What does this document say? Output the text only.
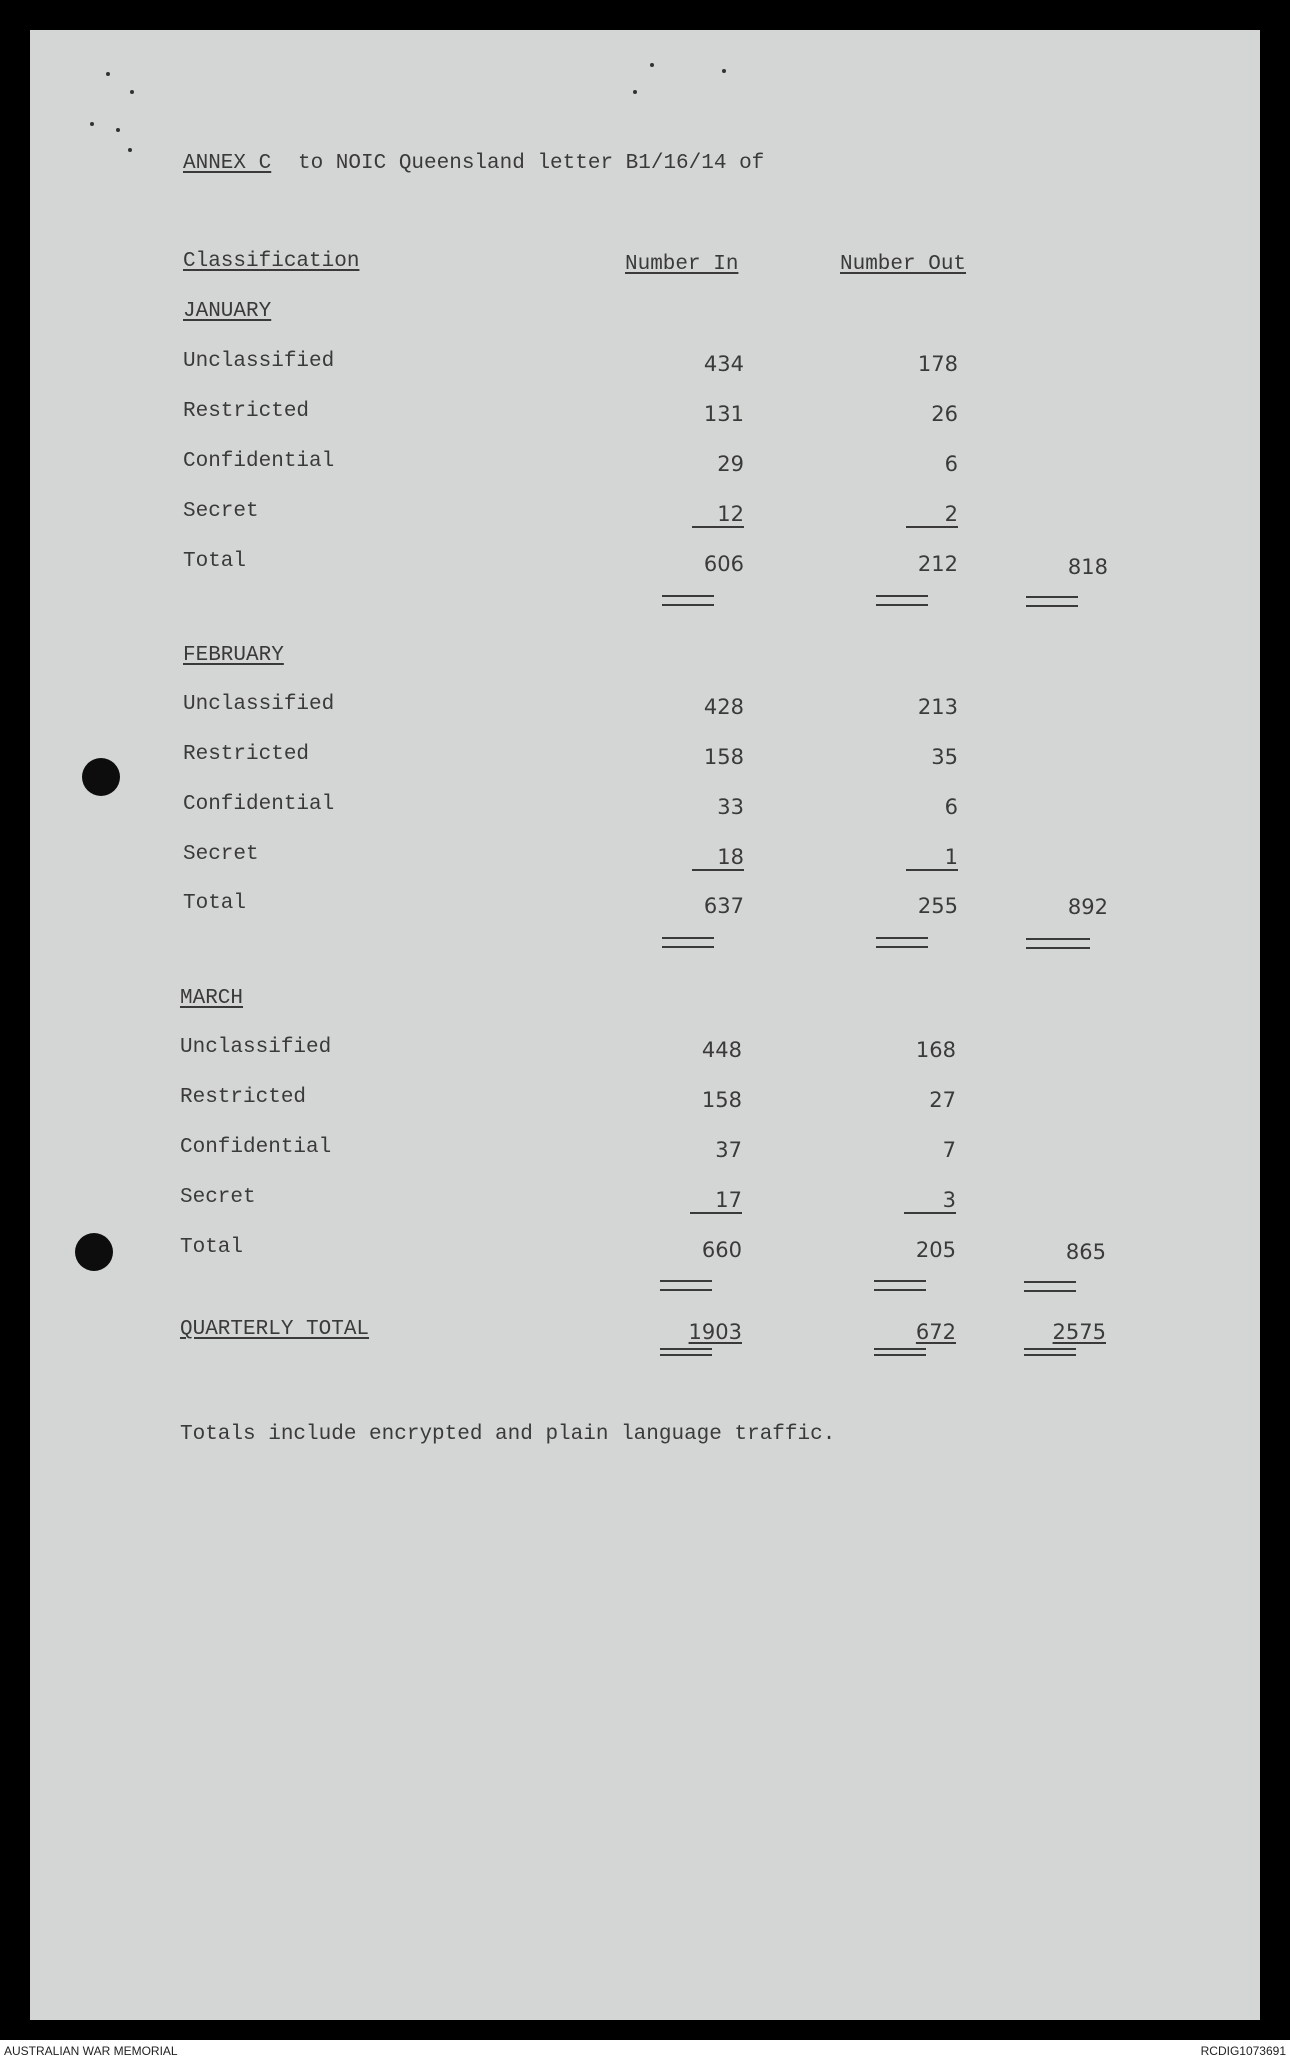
ANNEX C to NOIC Queensland letter B1/16/14 of
Classification	Number In	Number Out
JANUARY
Unclassified	434	178
Restricted	131	26
Confidential	29	6
Secret	12	2
Total	606	212	818
FEBRUARY
Unclassified	428	213
Restricted	158	35
Confidential	33	6
Secret	18	1
Total	637	255	892
MARCH
Unclassified	448	168
Restricted	158	27
Confidential	37	7
Secret	17	3
Total	660	205	865
QUARTERLY TOTAL	1903	672	2575
Totals include encrypted and plain language traffic.
AUSTRALIAN WAR MEMORIAL	RCDIG1073691
